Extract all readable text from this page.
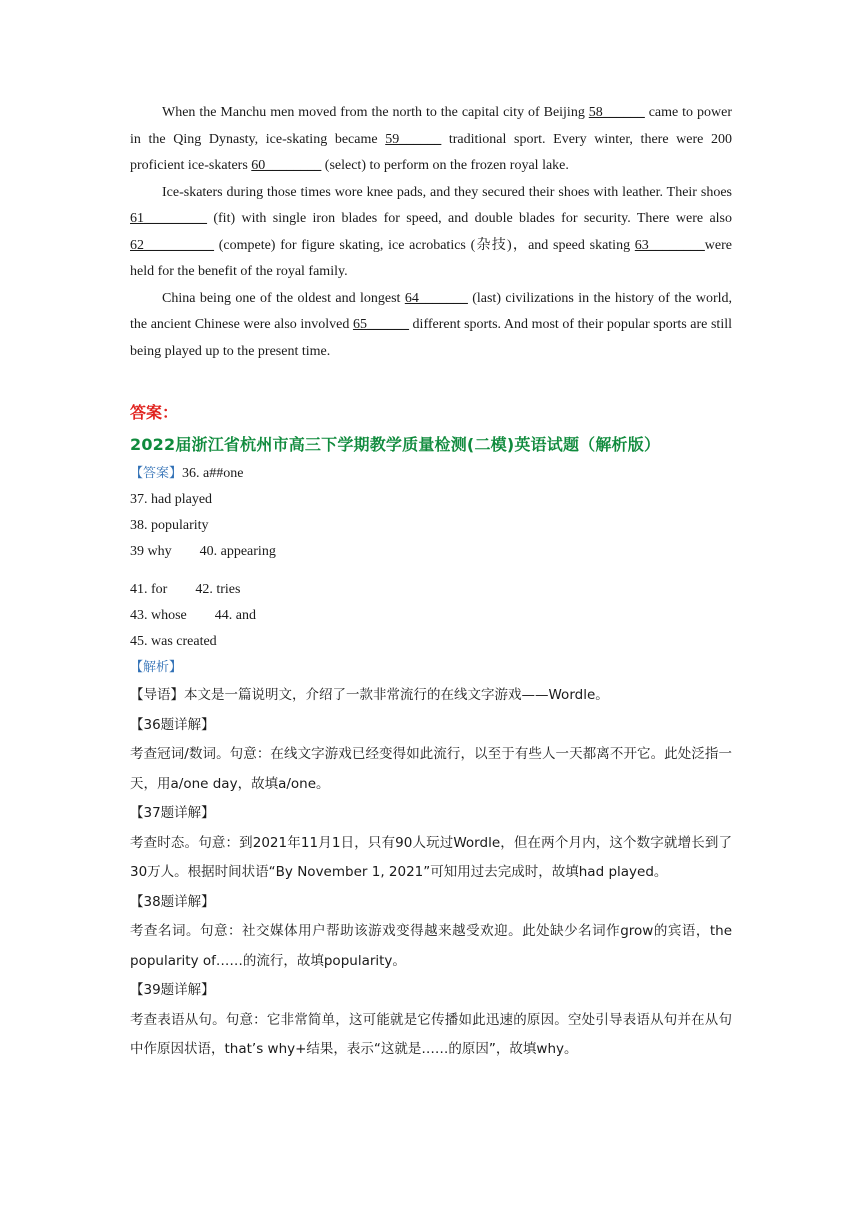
When the Manchu men moved from the north to the capital city of Beijing 58______ came to power in the Qing Dynasty, ice-skating became 59______ traditional sport. Every winter, there were 200 proficient ice-skaters 60________ (select) to perform on the frozen royal lake.

Ice-skaters during those times wore knee pads, and they secured their shoes with leather. Their shoes 61_________ (fit) with single iron blades for speed, and double blades for security. There were also 62__________ (compete) for figure skating, ice acrobatics (杂技)，and speed skating 63________were held for the benefit of the royal family.

China being one of the oldest and longest 64_______ (last) civilizations in the history of the world, the ancient Chinese were also involved 65______ different sports. And most of their popular sports are still being played up to the present time.

答案：
2022届浙江省杭州市高三下学期教学质量检测(二模)英语试题（解析版）

【答案】36. a##one

37. had played

38. popularity

39 why 40. appearing

41. for 42. tries

43. whose 44. and

45. was created

【解析】

【导语】本文是一篇说明文，介绍了一款非常流行的在线文字游戏——Wordle。

【36题详解】

考查冠词/数词。句意：在线文字游戏已经变得如此流行，以至于有些人一天都离不开它。此处泛指一天，用a/one day，故填a/one。

【37题详解】

考查时态。句意：到2021年11月1日，只有90人玩过Wordle，但在两个月内，这个数字就增长到了30万人。根据时间状语“By November 1, 2021”可知用过去完成时，故填had played。

【38题详解】

考查名词。句意：社交媒体用户帮助该游戏变得越来越受欢迎。此处缺少名词作grow的宾语，the popularity of……的流行，故填popularity。

【39题详解】

考查表语从句。句意：它非常简单，这可能就是它传播如此迅速的原因。空处引导表语从句并在从句中作原因状语，that’s why+结果，表示“这就是……的原因”，故填why。
